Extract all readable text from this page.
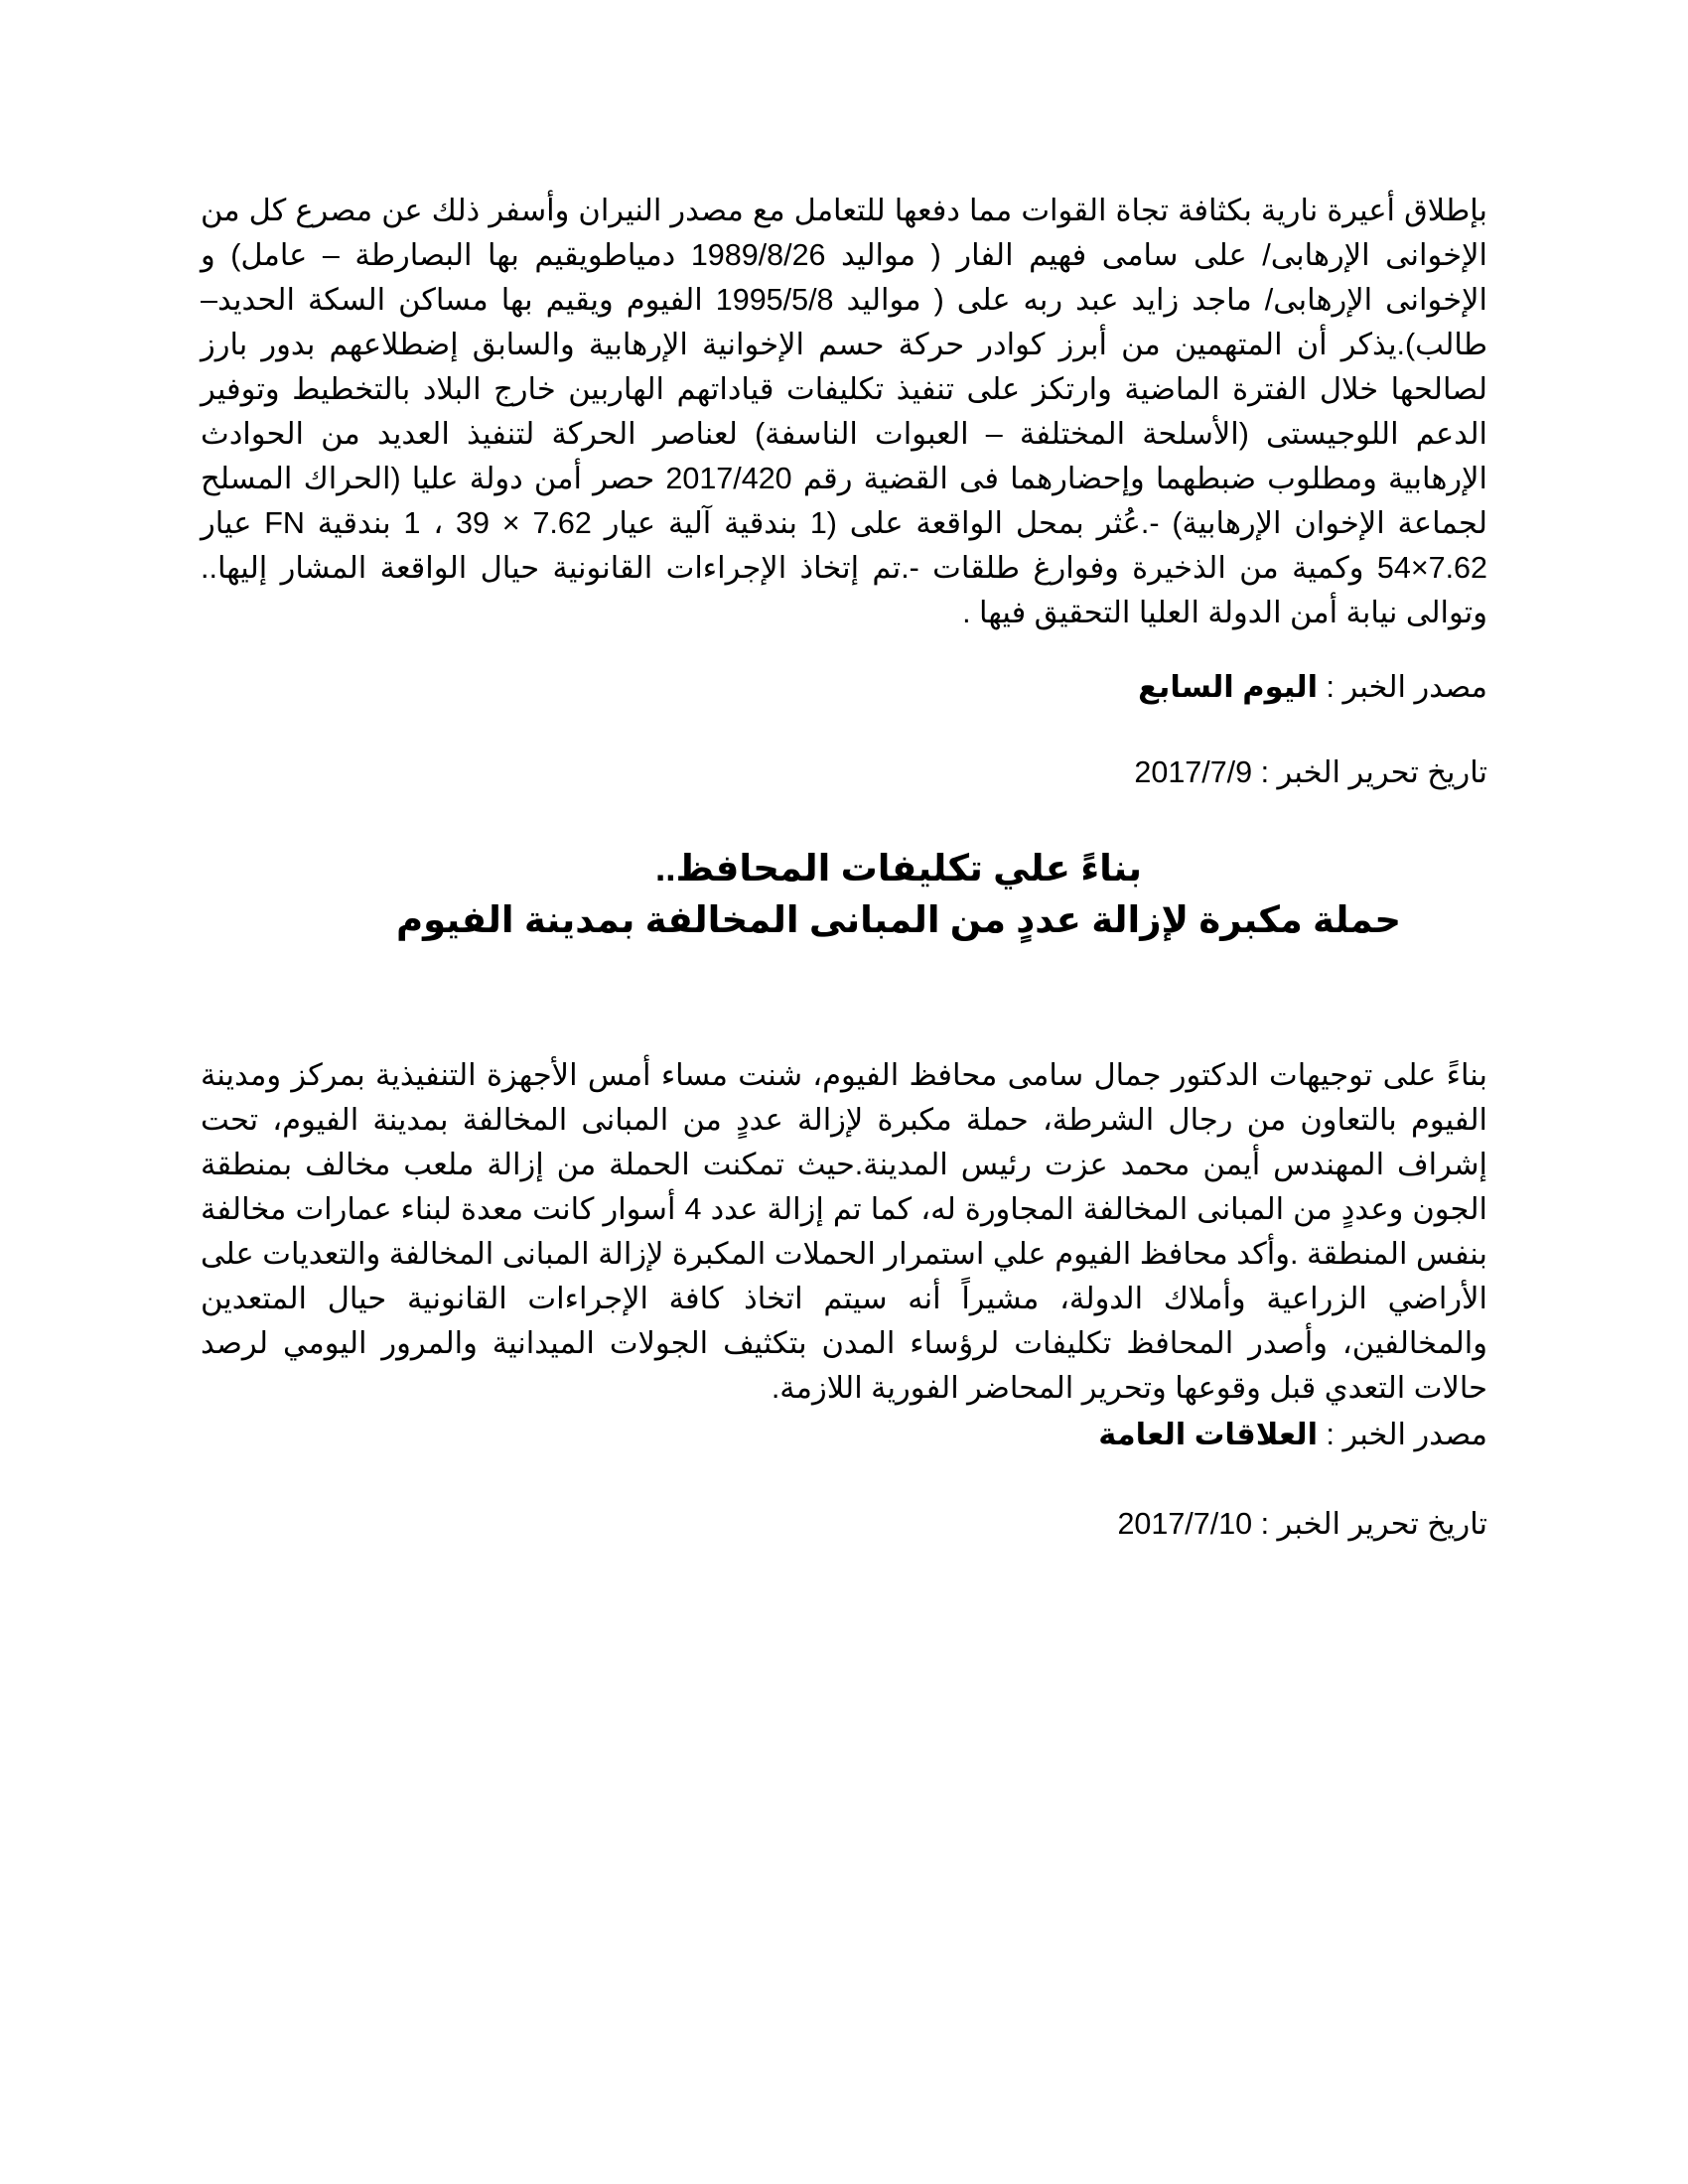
بإطلاق أعيرة نارية بكثافة تجاة القوات مما دفعها للتعامل مع مصدر النيران وأسفر ذلك عن مصرع كل من الإخوانى الإرهابى/ على سامى فهيم الفار ( مواليد 1989/8/26 دمياطويقيم بها البصارطة – عامل) و الإخوانى الإرهابى/ ماجد زايد عبد ربه على ( مواليد 1995/5/8 الفيوم ويقيم بها مساكن السكة الحديد– طالب).يذكر أن المتهمين من أبرز كوادر حركة حسم الإخوانية الإرهابية والسابق إضطلاعهم بدور بارز لصالحها خلال الفترة الماضية وارتكز على تنفيذ تكليفات قياداتهم الهاربين خارج البلاد بالتخطيط وتوفير الدعم اللوجيستى (الأسلحة المختلفة – العبوات الناسفة) لعناصر الحركة لتنفيذ العديد من الحوادث الإرهابية ومطلوب ضبطهما وإحضارهما فى القضية رقم 2017/420 حصر أمن دولة عليا (الحراك المسلح لجماعة الإخوان الإرهابية) -.عُثر بمحل الواقعة على (1 بندقية آلية عيار 7.62 × 39 ، 1 بندقية FN عيار 7.62×54 وكمية من الذخيرة وفوارغ طلقات -.تم إتخاذ الإجراءات القانونية حيال الواقعة المشار إليها.. وتوالى نيابة أمن الدولة العليا التحقيق فيها .

مصدر الخبر : اليوم السابع

تاريخ تحرير الخبر : 2017/7/9

بناءً علي تكليفات المحافظ..
حملة مكبرة لإزالة عددٍ من المبانى المخالفة بمدينة الفيوم

بناءً على توجيهات الدكتور جمال سامى محافظ الفيوم، شنت مساء أمس الأجهزة التنفيذية بمركز ومدينة الفيوم بالتعاون من رجال الشرطة، حملة مكبرة لإزالة عددٍ من المبانى المخالفة بمدينة الفيوم، تحت إشراف المهندس أيمن محمد عزت رئيس المدينة.حيث تمكنت الحملة من إزالة ملعب مخالف بمنطقة الجون وعددٍ من المبانى المخالفة المجاورة له، كما تم إزالة عدد 4 أسوار كانت معدة لبناء عمارات مخالفة بنفس المنطقة .وأكد محافظ الفيوم علي استمرار الحملات المكبرة لإزالة المبانى المخالفة والتعديات على الأراضي الزراعية وأملاك الدولة، مشيراً أنه سيتم اتخاذ كافة الإجراءات القانونية حيال المتعدين والمخالفين، وأصدر المحافظ تكليفات لرؤساء المدن بتكثيف الجولات الميدانية والمرور اليومي لرصد حالات التعدي قبل وقوعها وتحرير المحاضر الفورية اللازمة.

مصدر الخبر : العلاقات العامة

تاريخ تحرير الخبر : 2017/7/10
